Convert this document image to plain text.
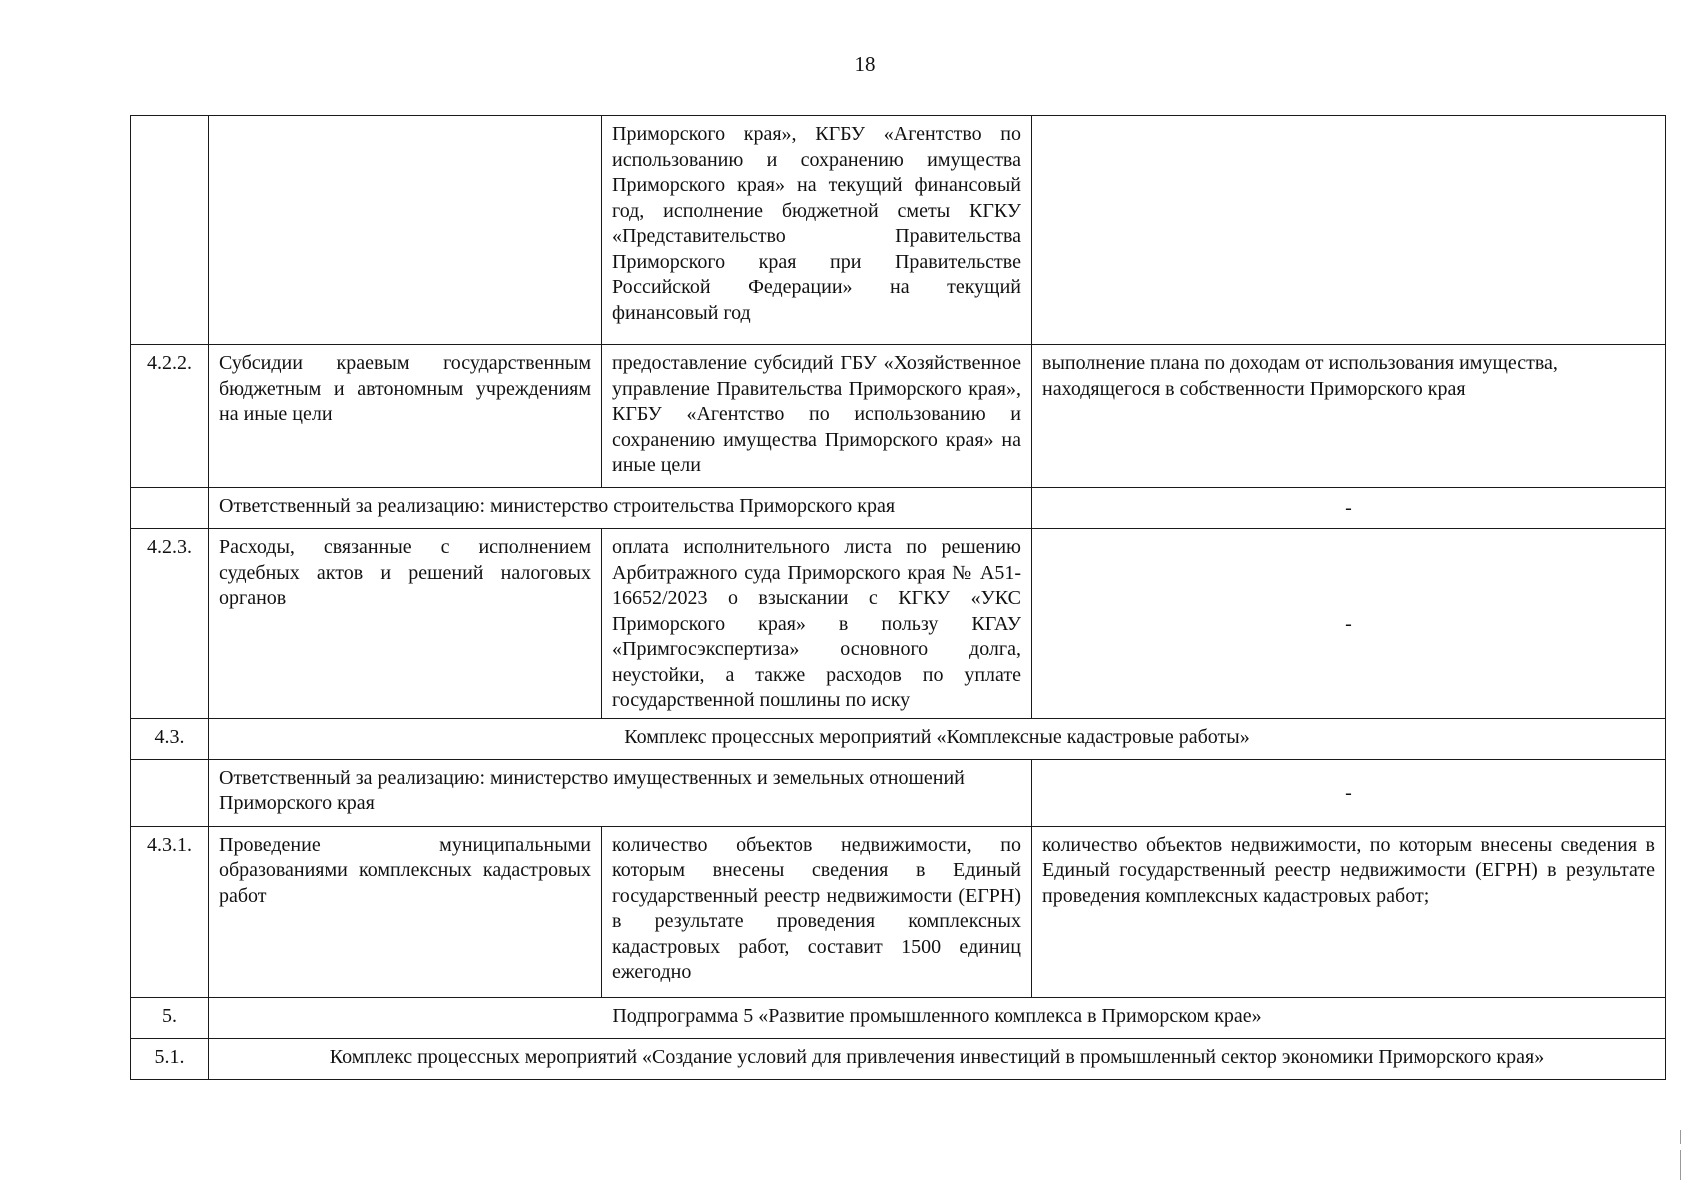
18
		Приморского края», КГБУ «Агентство по использованию и сохранению имущества Приморского края» на текущий финансовый год, исполнение бюджетной сметы КГКУ «Представительство Правительства Приморского края при Правительстве Российской Федерации» на текущий финансовый год	
4.2.2.	Субсидии краевым государственным бюджетным и автономным учреждениям на иные цели	предоставление субсидий ГБУ «Хозяйственное управление Правительства Приморского края», КГБУ «Агентство по использованию и сохранению имущества Приморского края» на иные цели	выполнение плана по доходам от использования имущества, находящегося в собственности Приморского края
	Ответственный за реализацию: министерство строительства Приморского края		-
4.2.3.	Расходы, связанные с исполнением судебных актов и решений налоговых органов	оплата исполнительного листа по решению Арбитражного суда Приморского края № А51-16652/2023 о взыскании с КГКУ «УКС Приморского края» в пользу КГАУ «Примгосэкспертиза» основного долга, неустойки, а также расходов по уплате государственной пошлины по иску	-
4.3.	Комплекс процессных мероприятий «Комплексные кадастровые работы»		
	Ответственный за реализацию: министерство имущественных и земельных отношений Приморского края		-
4.3.1.	Проведение муниципальными образованиями комплексных кадастровых работ	количество объектов недвижимости, по которым внесены сведения в Единый государственный реестр недвижимости (ЕГРН) в результате проведения комплексных кадастровых работ, составит 1500 единиц ежегодно	количество объектов недвижимости, по которым внесены сведения в Единый государственный реестр недвижимости (ЕГРН) в результате проведения комплексных кадастровых работ;
5.	Подпрограмма 5 «Развитие промышленного комплекса в Приморском крае»		
5.1.	Комплекс процессных мероприятий «Создание условий для привлечения инвестиций в промышленный сектор экономики Приморского края»		
